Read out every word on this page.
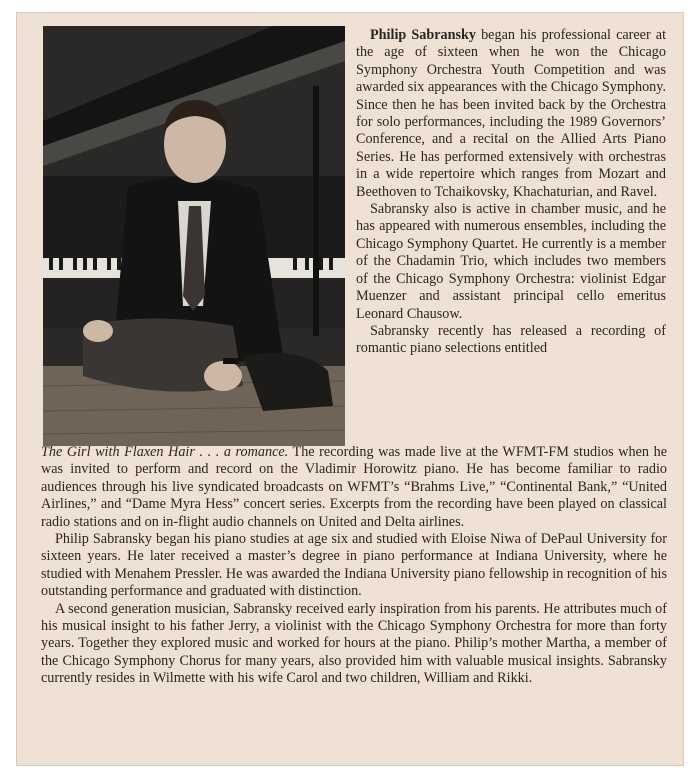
Philip Sabransky began his professional career at the age of sixteen when he won the Chicago Symphony Orchestra Youth Competition and was awarded six appearances with the Chicago Symphony. Since then he has been invited back by the Orchestra for solo performances, including the 1989 Governors’ Conference, and a recital on the Allied Arts Piano Series. He has performed extensively with orchestras in a wide repertoire which ranges from Mozart and Beethoven to Tchaikovsky, Khachaturian, and Ravel.

Sabransky also is active in chamber music, and he has appeared with numerous ensembles, including the Chicago Symphony Quartet. He currently is a member of the Chadamin Trio, which includes two members of the Chicago Symphony Orchestra: violinist Edgar Muenzer and assistant principal cello emeritus Leonard Chausow.

Sabransky recently has released a recording of romantic piano selections entitled

The Girl with Flaxen Hair . . . a romance. The recording was made live at the WFMT-FM studios when he was invited to perform and record on the Vladimir Horowitz piano. He has become familiar to radio audiences through his live syndicated broadcasts on WFMT’s “Brahms Live,” “Continental Bank,” “United Airlines,” and “Dame Myra Hess” concert series. Excerpts from the recording have been played on classical radio stations and on in-flight audio channels on United and Delta airlines.

Philip Sabransky began his piano studies at age six and studied with Eloise Niwa of DePaul University for sixteen years. He later received a master’s degree in piano performance at Indiana University, where he studied with Menahem Pressler. He was awarded the Indiana University piano fellowship in recognition of his outstanding performance and graduated with distinction.

A second generation musician, Sabransky received early inspiration from his parents. He attributes much of his musical insight to his father Jerry, a violinist with the Chicago Symphony Orchestra for more than forty years. Together they explored music and worked for hours at the piano. Philip’s mother Martha, a member of the Chicago Symphony Chorus for many years, also provided him with valuable musical insights. Sabransky currently resides in Wilmette with his wife Carol and two children, William and Rikki.
